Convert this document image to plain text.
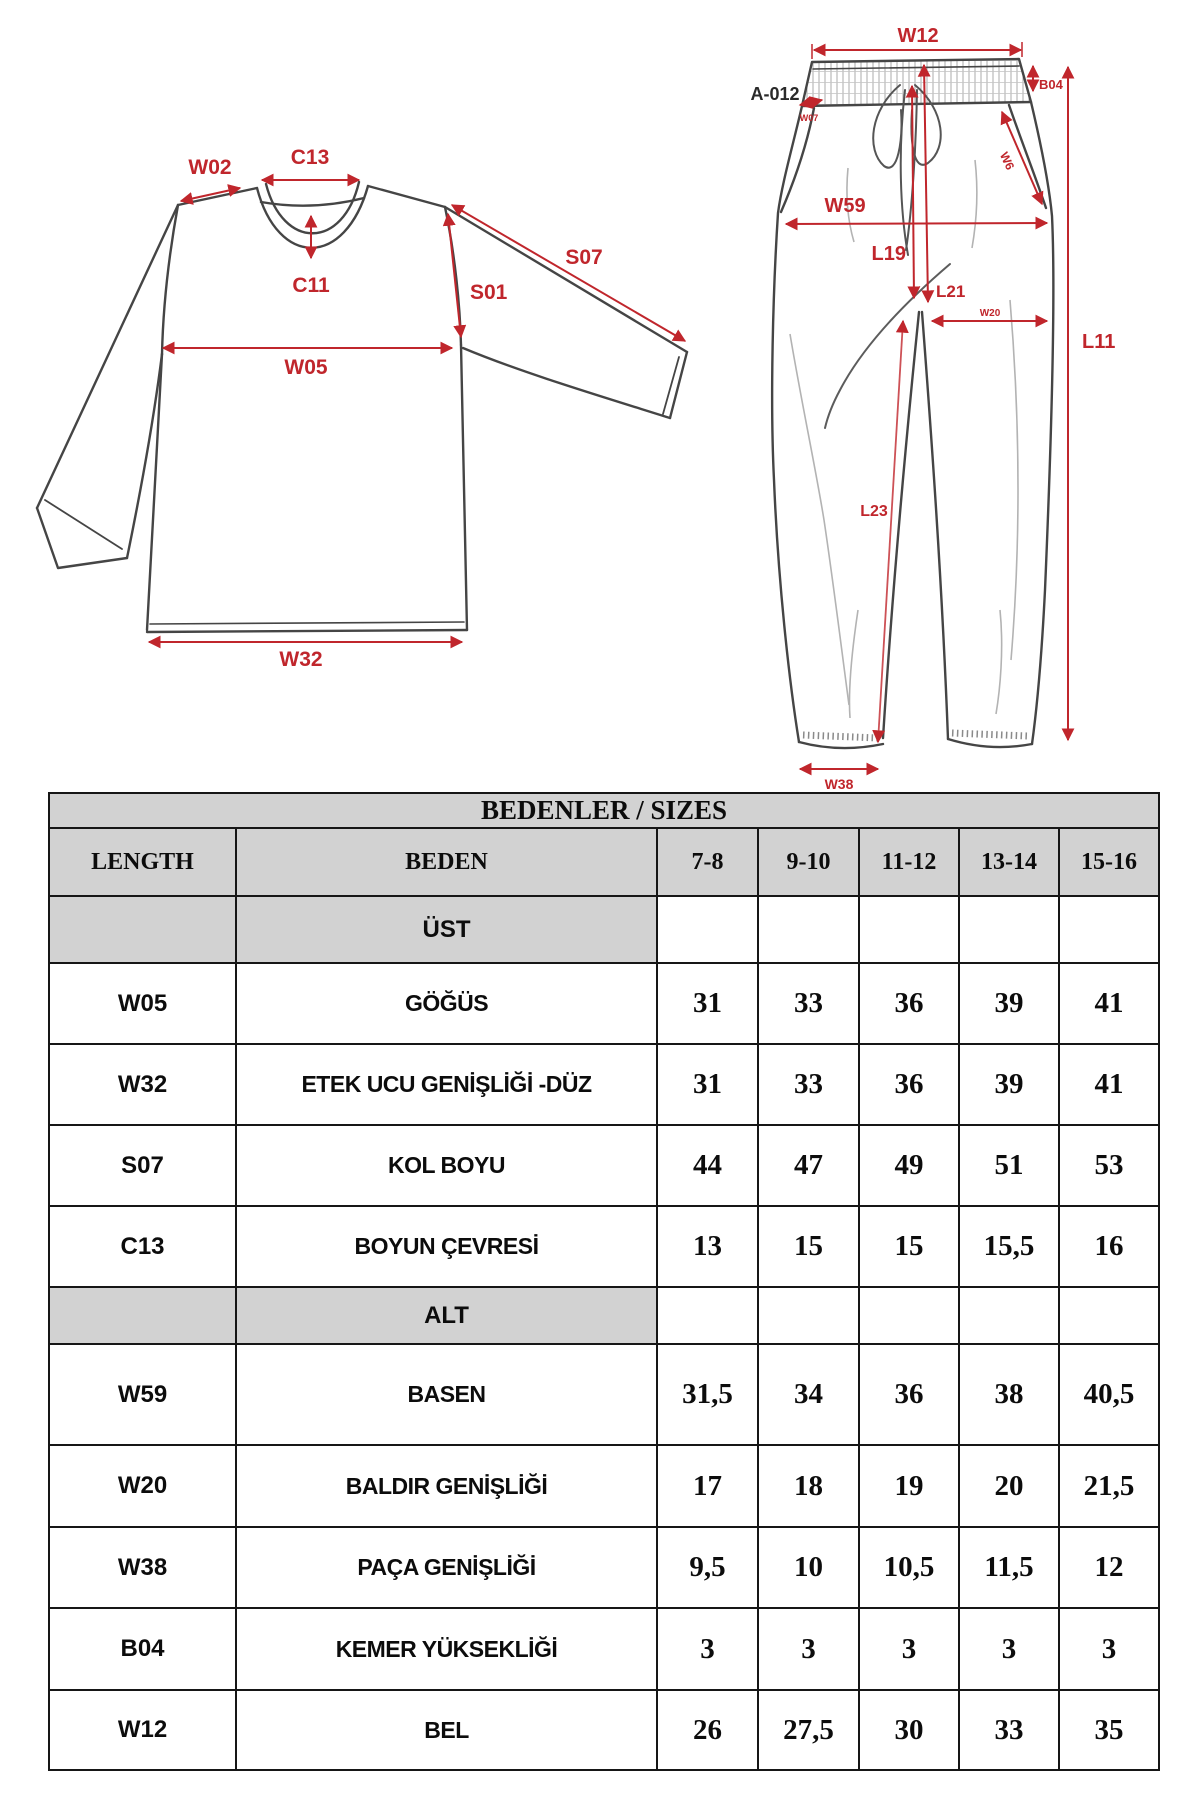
W02	C13
C11
W05
S01
S07
W32
A-012
W07
W12
B04
W6
W59
L19
L21
W20
L11
L23
W38
BEDENLER / SIZES						
LENGTH	BEDEN	7-8	9-10	11-12	13-14	15-16
	ÜST					
W05	GÖĞÜS	31	33	36	39	41
W32	ETEK UCU GENİŞLİĞİ -DÜZ	31	33	36	39	41
S07	KOL BOYU	44	47	49	51	53
C13	BOYUN ÇEVRESİ	13	15	15	15,5	16
	ALT					
W59	BASEN	31,5	34	36	38	40,5
W20	BALDIR GENİŞLİĞİ	17	18	19	20	21,5
W38	PAÇA GENİŞLİĞİ	9,5	10	10,5	11,5	12
B04	KEMER YÜKSEKLİĞİ	3	3	3	3	3
W12	BEL	26	27,5	30	33	35
